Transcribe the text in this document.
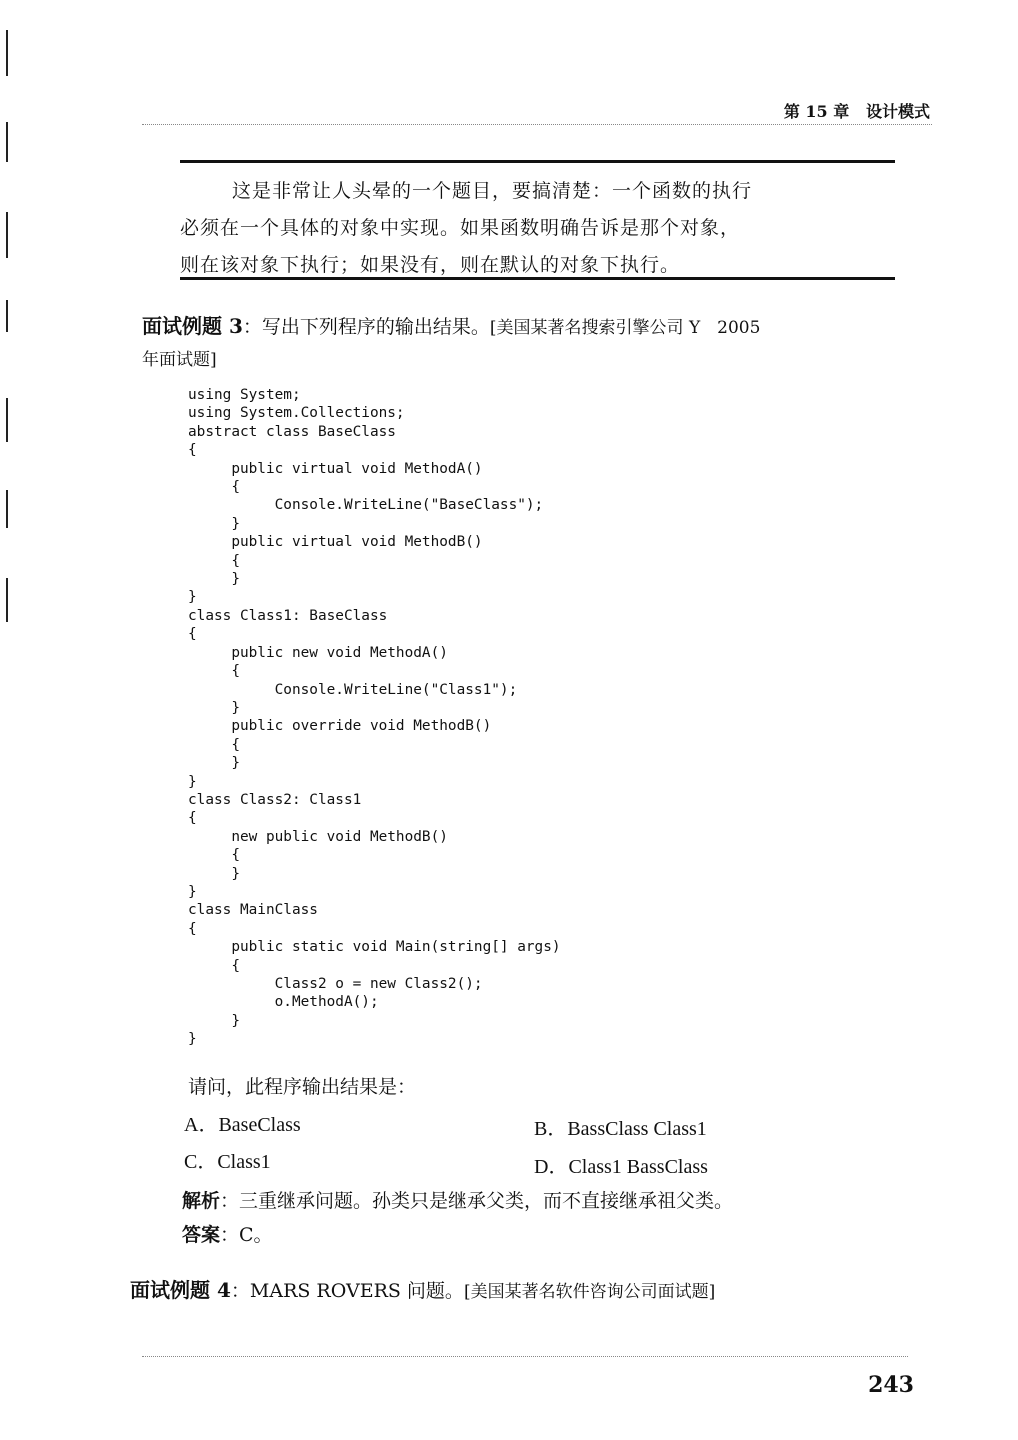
第 15 章 设计模式
这是非常让人头晕的一个题目，要搞清楚：一个函数的执行
必须在一个具体的对象中实现。如果函数明确告诉是那个对象，
则在该对象下执行；如果没有，则在默认的对象下执行。
面试例题 3：写出下列程序的输出结果。[美国某著名搜索引擎公司 Y　2005
年面试题]
using System;
using System.Collections;
abstract class BaseClass
{
public virtual void MethodA()
{
Console.WriteLine("BaseClass");
}
public virtual void MethodB()
{
}
}
class Class1: BaseClass
{
public new void MethodA()
{
Console.WriteLine("Class1");
}
public override void MethodB()
{
}
}
class Class2: Class1
{
new public void MethodB()
{
}
}
class MainClass
{
public static void Main(string[] args)
{
Class2 o = new Class2();
o.MethodA();
}
}
请问，此程序输出结果是：
A．BaseClass	B．BassClass Class1
C．Class1	D．Class1 BassClass
解析：三重继承问题。孙类只是继承父类，而不直接继承祖父类。
答案：C。
面试例题 4：MARS ROVERS 问题。[美国某著名软件咨询公司面试题]
243
